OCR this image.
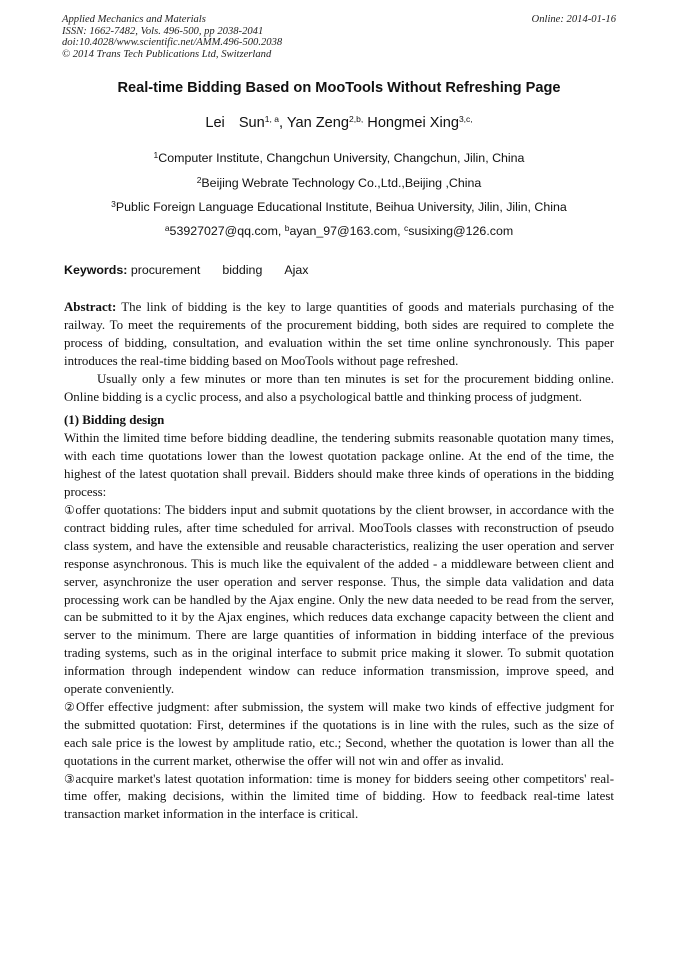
Applied Mechanics and Materials
ISSN: 1662-7482, Vols. 496-500, pp 2038-2041
doi:10.4028/www.scientific.net/AMM.496-500.2038
© 2014 Trans Tech Publications Ltd, Switzerland
Online: 2014-01-16
Real-time Bidding Based on MooTools Without Refreshing Page
Lei Sun$^{1, a}$, Yan Zeng$^{2,b,}$ Hongmei Xing$^{3,c,}$
$^1$Computer Institute, Changchun University, Changchun, Jilin, China
$^2$Beijing Webrate Technology Co.,Ltd.,Beijing ,China
$^3$Public Foreign Language Educational Institute, Beihua University, Jilin, Jilin, China
$^a$53927027@qq.com, $^b$ayan_97@163.com, $^c$susixing@126.com
Keywords: procurement bidding Ajax

Abstract: The link of bidding is the key to large quantities of goods and materials purchasing of the railway. To meet the requirements of the procurement bidding, both sides are required to complete the process of bidding, consultation, and evaluation within the set time online synchronously. This paper introduces the real-time bidding based on MooTools without page refreshed.

Usually only a few minutes or more than ten minutes is set for the procurement bidding online. Online bidding is a cyclic process, and also a psychological battle and thinking process of judgment.

(1) Bidding design

Within the limited time before bidding deadline, the tendering submits reasonable quotation many times, with each time quotations lower than the lowest quotation package online. At the end of the time, the highest of the latest quotation shall prevail. Bidders should make three kinds of operations in the bidding process:

①offer quotations: The bidders input and submit quotations by the client browser, in accordance with the contract bidding rules, after time scheduled for arrival. MooTools classes with reconstruction of pseudo class system, and have the extensible and reusable characteristics, realizing the user operation and server response asynchronous. This is much like the equivalent of the added - a middleware between client and server, asynchronize the user operation and server response. Thus, the simple data validation and data processing work can be handled by the Ajax engine. Only the new data needed to be read from the server, can be submitted to it by the Ajax engines, which reduces data exchange capacity between the client and server to the minimum. There are large quantities of information in bidding interface of the previous trading systems, such as in the original interface to submit price making it slower. To submit quotation information through independent window can reduce information transmission, improve speed, and operate conveniently.

②Offer effective judgment: after submission, the system will make two kinds of effective judgment for the submitted quotation: First, determines if the quotations is in line with the rules, such as the size of each sale price is the lowest by amplitude ratio, etc.; Second, whether the quotation is lower than all the quotations in the current market, otherwise the offer will not win and offer as invalid.

③acquire market's latest quotation information: time is money for bidders seeing other competitors' real-time offer, making decisions, within the limited time of bidding. How to feedback real-time latest transaction market information in the interface is critical.
